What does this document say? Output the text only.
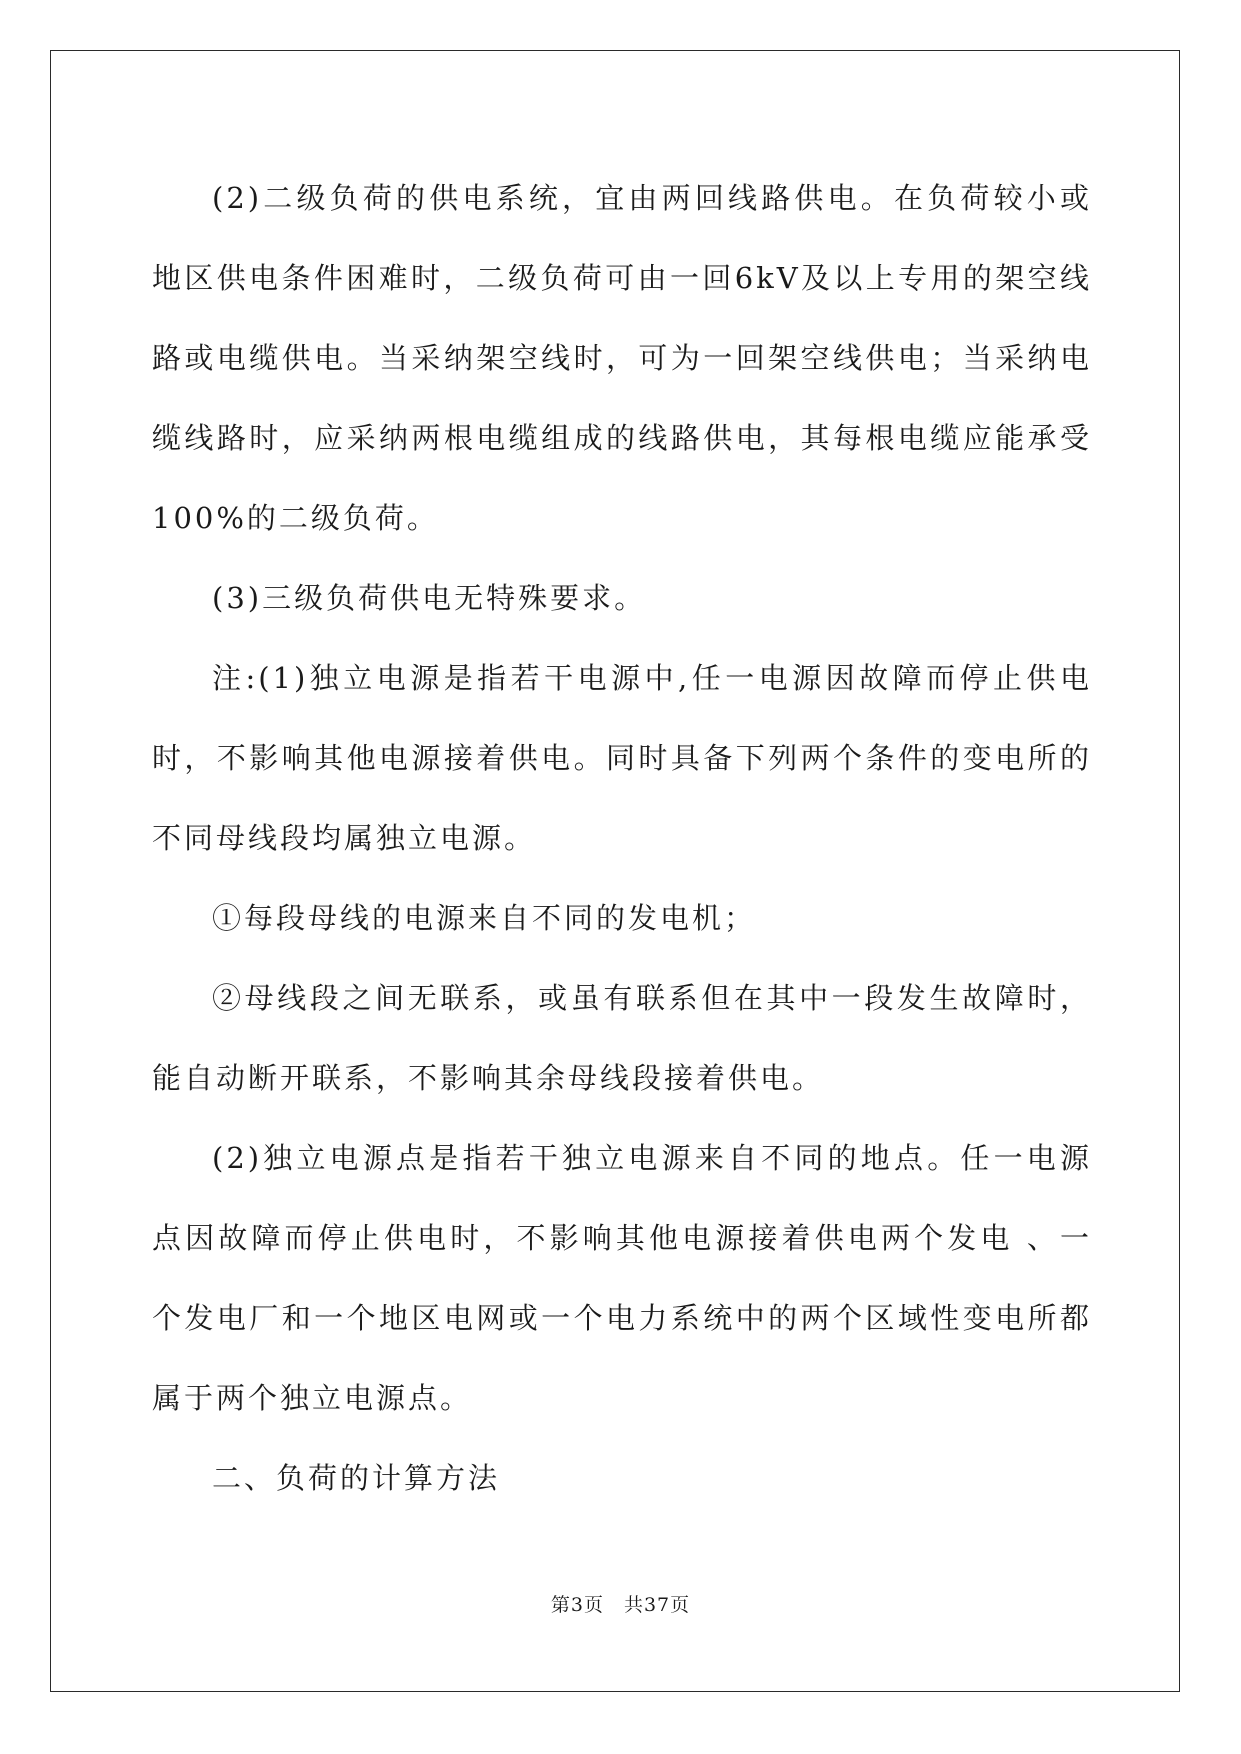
(2)二级负荷的供电系统，宜由两回线路供电。在负荷较小或地区供电条件困难时，二级负荷可由一回6kV及以上专用的架空线路或电缆供电。当采纳架空线时，可为一回架空线供电；当采纳电缆线路时，应采纳两根电缆组成的线路供电，其每根电缆应能承受100%的二级负荷。

(3)三级负荷供电无特殊要求。

注:(1)独立电源是指若干电源中,任一电源因故障而停止供电时，不影响其他电源接着供电。同时具备下列两个条件的变电所的不同母线段均属独立电源。

①每段母线的电源来自不同的发电机；

②母线段之间无联系，或虽有联系但在其中一段发生故障时，能自动断开联系，不影响其余母线段接着供电。

(2)独立电源点是指若干独立电源来自不同的地点。任一电源点因故障而停止供电时，不影响其他电源接着供电两个发电 、一个发电厂和一个地区电网或一个电力系统中的两个区域性变电所都属于两个独立电源点。

二、负荷的计算方法

第3页　共37页
